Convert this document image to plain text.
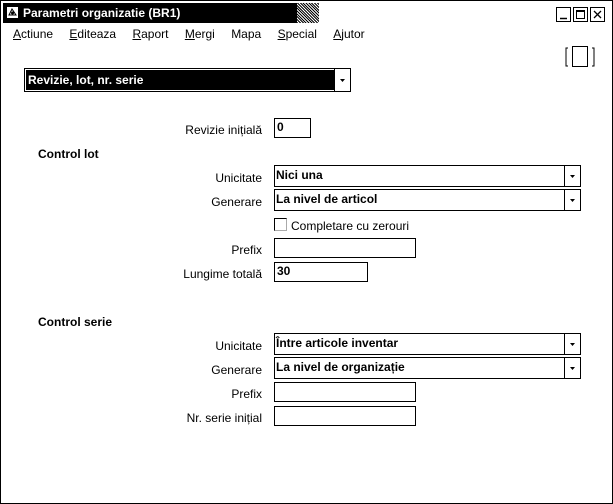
Parametri organizatie (BR1)
Actiune Editeaza Raport Mergi Mapa Special Ajutor
Revizie, lot, nr. serie
Revizie inițială 0
Control lot
Unicitate Nici una
Generare La nivel de articol
Completare cu zerouri
Prefix
Lungime totală 30
Control serie
Unicitate Între articole inventar
Generare La nivel de organizație
Prefix
Nr. serie inițial
